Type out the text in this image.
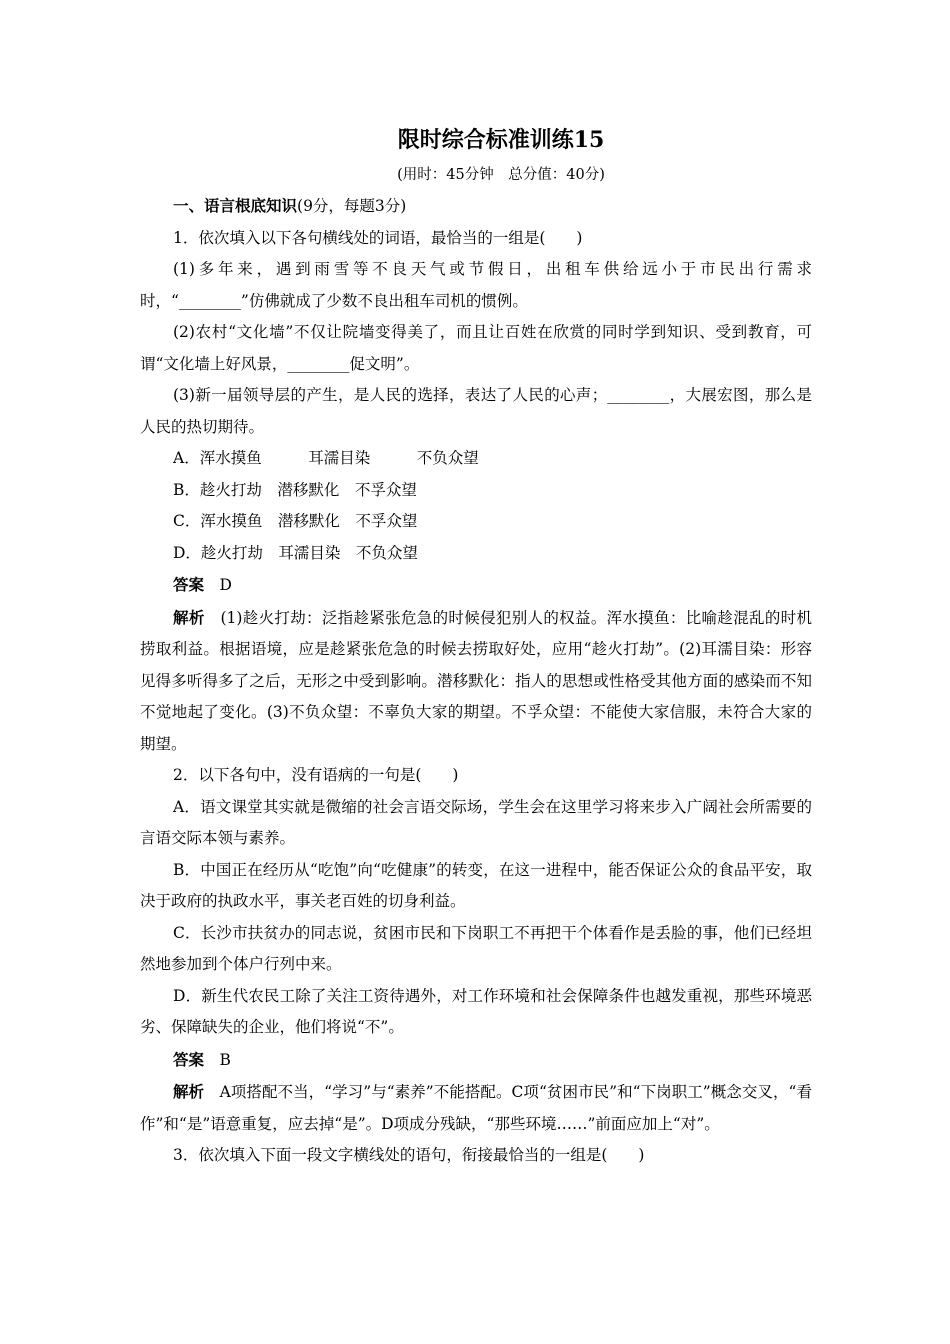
限时综合标准训练15
(用时：45分钟　总分值：40分)

一、语言根底知识(9分，每题3分)

1．依次填入以下各句横线处的词语，最恰当的一组是(　　)

(1)多年来，遇到雨雪等不良天气或节假日，出租车供给远小于市民出行需求时，“________”仿佛就成了少数不良出租车司机的惯例。

(2)农村“文化墙”不仅让院墙变得美了，而且让百姓在欣赏的同时学到知识、受到教育，可谓“文化墙上好风景，________促文明”。

(3)新一届领导层的产生，是人民的选择，表达了人民的心声；________，大展宏图，那么是人民的热切期待。

A．浑水摸鱼　　　耳濡目染　　　不负众望

B．趁火打劫　潜移默化　不孚众望

C．浑水摸鱼　潜移默化　不孚众望

D．趁火打劫　耳濡目染　不负众望

答案　 D

解析　 (1)趁火打劫：泛指趁紧张危急的时候侵犯别人的权益。浑水摸鱼：比喻趁混乱的时机捞取利益。根据语境，应是趁紧张危急的时候去捞取好处，应用“趁火打劫”。(2)耳濡目染：形容见得多听得多了之后，无形之中受到影响。潜移默化：指人的思想或性格受其他方面的感染而不知不觉地起了变化。(3)不负众望：不辜负大家的期望。不孚众望：不能使大家信服，未符合大家的期望。

2．以下各句中，没有语病的一句是(　　)

A．语文课堂其实就是微缩的社会言语交际场，学生会在这里学习将来步入广阔社会所需要的言语交际本领与素养。

B．中国正在经历从“吃饱”向“吃健康”的转变，在这一进程中，能否保证公众的食品平安，取决于政府的执政水平，事关老百姓的切身利益。

C．长沙市扶贫办的同志说，贫困市民和下岗职工不再把干个体看作是丢脸的事，他们已经坦然地参加到个体户行列中来。

D．新生代农民工除了关注工资待遇外，对工作环境和社会保障条件也越发重视，那些环境恶劣、保障缺失的企业，他们将说“不”。

答案　 B

解析　 A项搭配不当，“学习”与“素养”不能搭配。C项“贫困市民”和“下岗职工”概念交叉，“看作”和“是”语意重复，应去掉“是”。D项成分残缺，“那些环境……”前面应加上“对”。

3．依次填入下面一段文字横线处的语句，衔接最恰当的一组是(　　)
